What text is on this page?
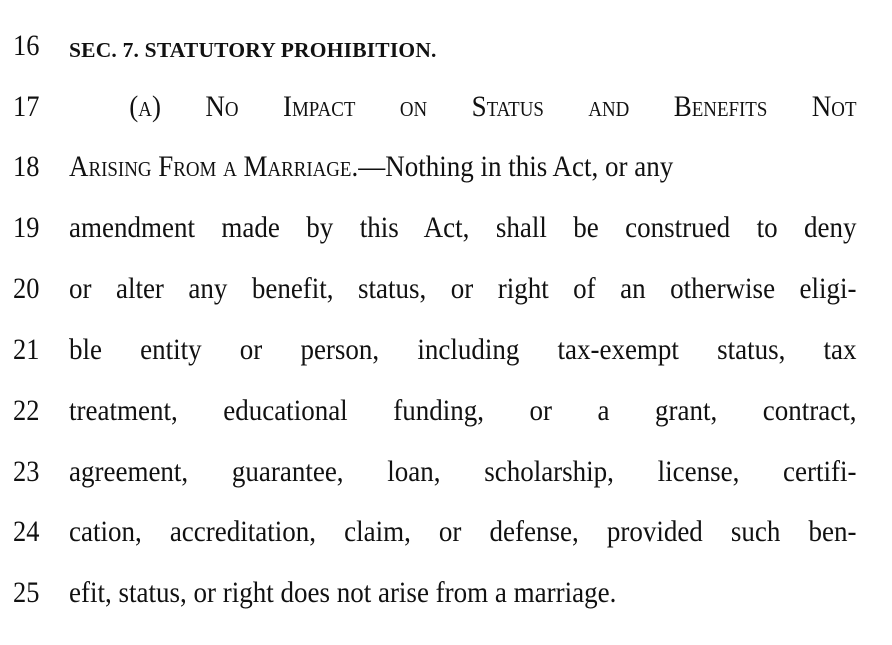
16	SEC. 7. STATUTORY PROHIBITION.
17	(a) No Impact on Status and Benefits Not
18 Arising From a Marriage.—Nothing in this Act, or any
19 amendment made by this Act, shall be construed to deny
20 or alter any benefit, status, or right of an otherwise eligi-
21 ble entity or person, including tax-exempt status, tax
22 treatment, educational funding, or a grant, contract,
23 agreement, guarantee, loan, scholarship, license, certifi-
24 cation, accreditation, claim, or defense, provided such ben-
25 efit, status, or right does not arise from a marriage.
